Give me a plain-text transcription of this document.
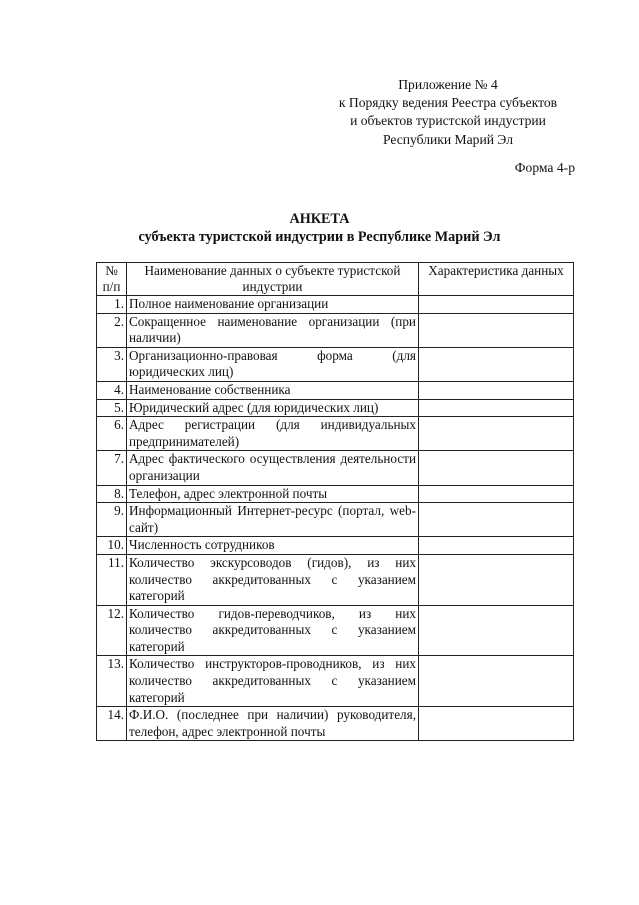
Приложение № 4
к Порядку ведения Реестра субъектов
и объектов туристской индустрии
Республики Марий Эл
Форма 4-р
АНКЕТА
субъекта туристской индустрии в Республике Марий Эл
№ п/п	Наименование данных о субъекте туристской индустрии	Характеристика данных
1.	Полное наименование организации	
2.	Сокращенное наименование организации (при наличии)	
3.	Организационно-правовая форма (для юридических лиц)	
4.	Наименование собственника	
5.	Юридический адрес (для юридических лиц)	
6.	Адрес регистрации (для индивидуальных предпринимателей)	
7.	Адрес фактического осуществления деятельности организации	
8.	Телефон, адрес электронной почты	
9.	Информационный Интернет-ресурс (портал, web-сайт)	
10.	Численность сотрудников	
11.	Количество экскурсоводов (гидов), из них количество аккредитованных с указанием категорий	
12.	Количество гидов-переводчиков, из них количество аккредитованных с указанием категорий	
13.	Количество инструкторов-проводников, из них количество аккредитованных с указанием категорий	
14.	Ф.И.О. (последнее при наличии) руководителя, телефон, адрес электронной почты	
